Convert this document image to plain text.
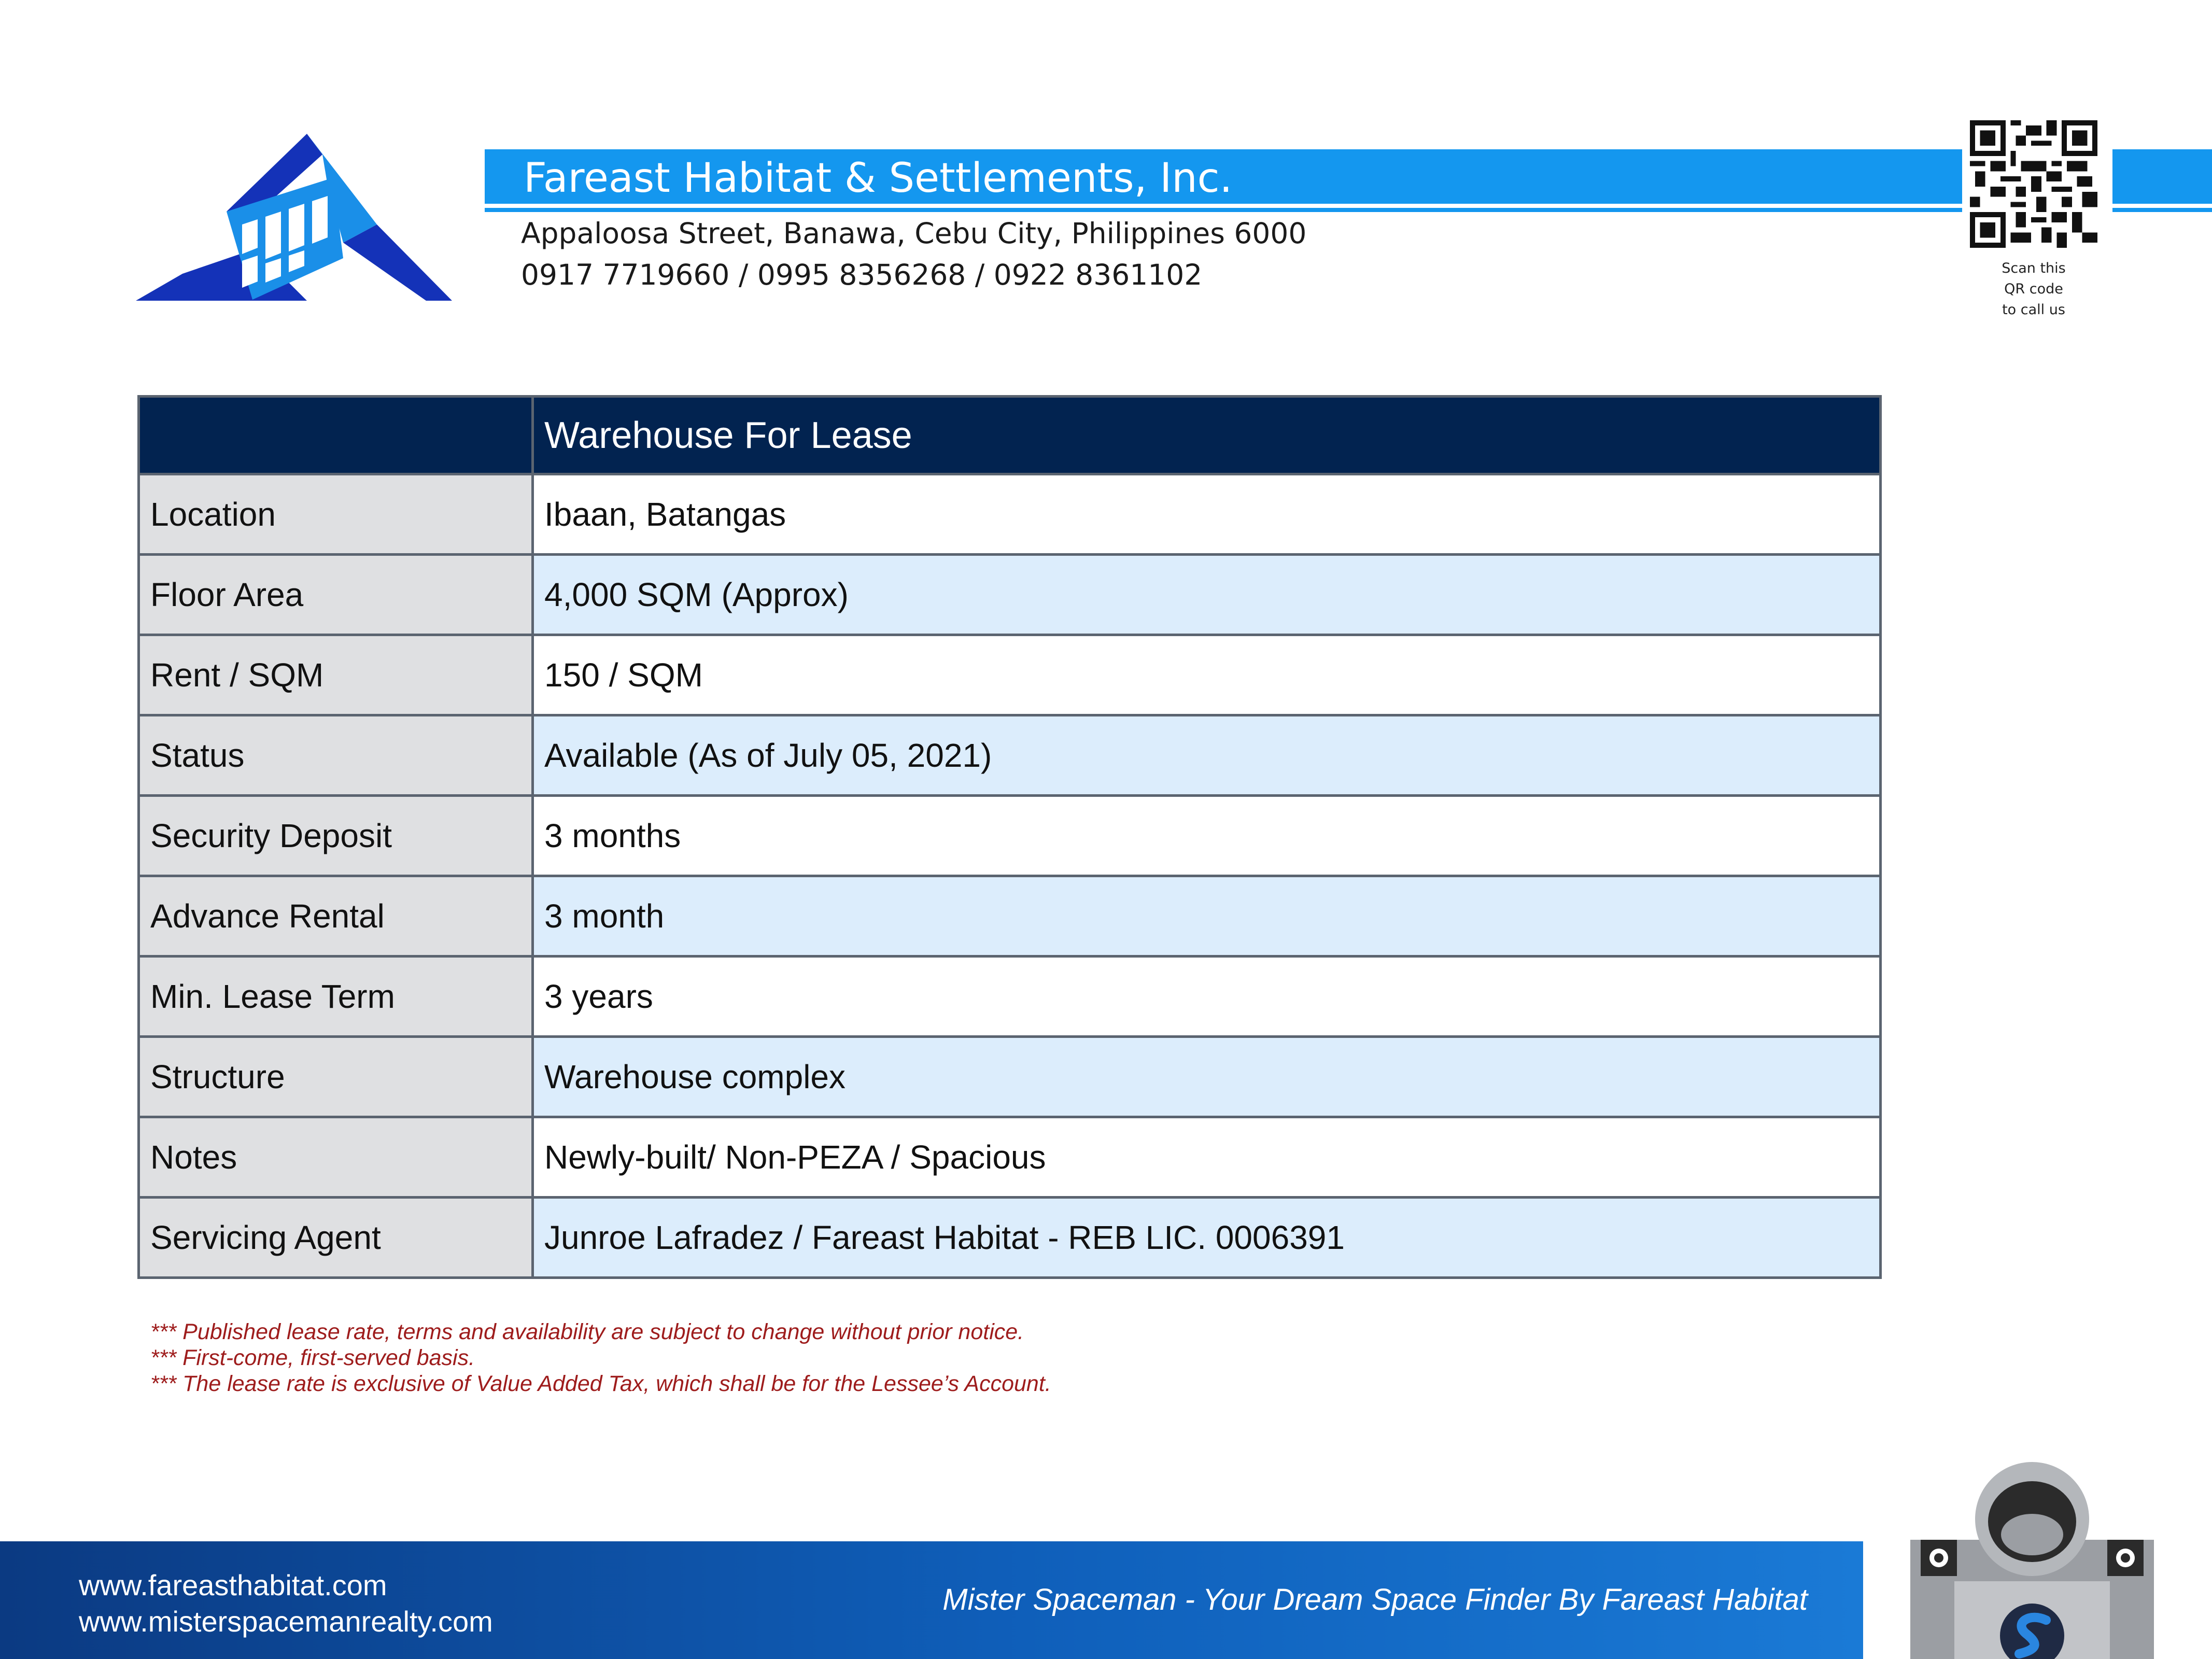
Fareast Habitat & Settlements, Inc.
Appaloosa Street, Banawa, Cebu City, Philippines 6000
0917 7719660 / 0995 8356268 / 0922 8361102	Scan this
QR code
to call us
	Warehouse For Lease
Location	Ibaan, Batangas
Floor Area	4,000 SQM (Approx)
Rent / SQM	150 / SQM
Status	Available (As of July 05, 2021)
Security Deposit	3 months
Advance Rental	3 month
Min. Lease Term	3 years
Structure	Warehouse complex
Notes	Newly-built/ Non-PEZA / Spacious
Servicing Agent	Junroe Lafradez / Fareast Habitat - REB LIC. 0006391
*** Published lease rate, terms and availability are subject to change without prior notice.
*** First-come, first-served basis.
*** The lease rate is exclusive of Value Added Tax, which shall be for the Lessee’s Account.
www.fareasthabitat.com
www.misterspacemanrealty.com
Mister Spaceman - Your Dream Space Finder By Fareast Habitat
